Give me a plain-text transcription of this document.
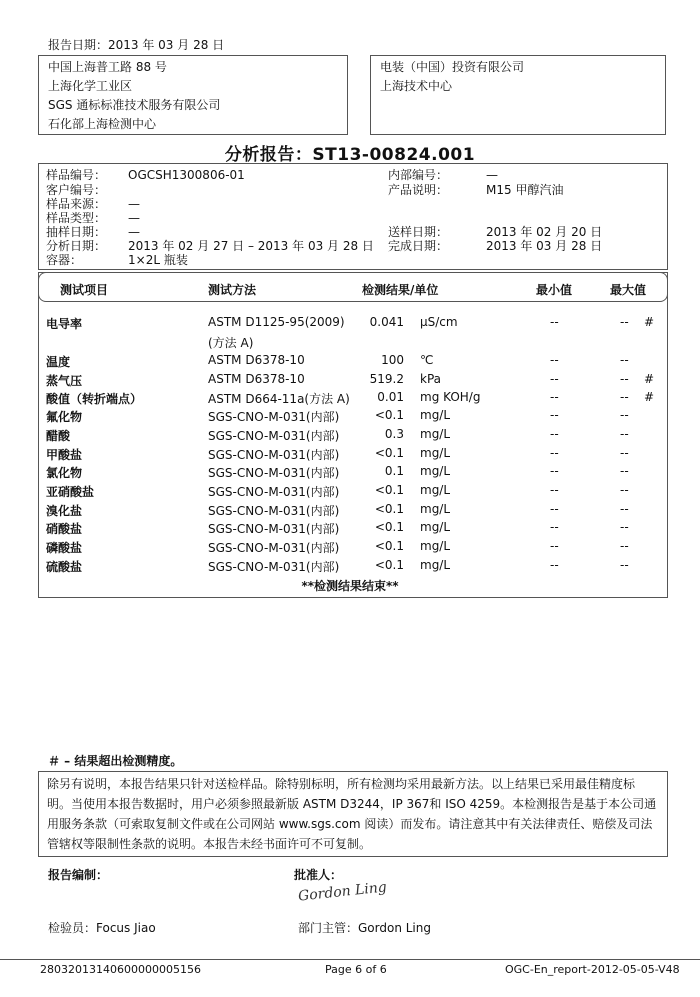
报告日期：2013 年 03 月 28 日
中国上海普工路 88 号
上海化学工业区
SGS 通标标准技术服务有限公司
石化部上海检测中心
电装（中国）投资有限公司
上海技术中心
分析报告：ST13-00824.001
样品编号： OGCSH1300806-01
客户编号：
样品来源： —
样品类型： —
抽样日期： —
分析日期： 2013 年 02 月 27 日 – 2013 年 03 月 28 日
容器：	1×2L 瓶装
内部编号：	—
产品说明：	M15 甲醇汽油
送样日期：	2013 年 02 月 20 日
完成日期：	2013 年 03 月 28 日
测试项目	测试方法	检测结果/单位	最小值	最大值
电导率	ASTM D1125-95(2009)	0.041 µS/cm	--	-- #
(方法 A)
温度	ASTM D6378-10	100 ℃	--	--
蒸气压	ASTM D6378-10	519.2 kPa	--	-- #
酸值（转折端点）	ASTM D664-11a(方法 A)	0.01 mg KOH/g	--	-- #
氟化物	SGS-CNO-M-031(内部)	<0.1 mg/L	--	--
醋酸	SGS-CNO-M-031(内部)	0.3 mg/L	--	--
甲酸盐	SGS-CNO-M-031(内部)	<0.1 mg/L	--	--
氯化物	SGS-CNO-M-031(内部)	0.1 mg/L	--	--
亚硝酸盐	SGS-CNO-M-031(内部)	<0.1 mg/L	--	--
溴化盐	SGS-CNO-M-031(内部)	<0.1 mg/L	--	--
硝酸盐	SGS-CNO-M-031(内部)	<0.1 mg/L	--	--
磷酸盐	SGS-CNO-M-031(内部)	<0.1 mg/L	--	--
硫酸盐	SGS-CNO-M-031(内部)	<0.1 mg/L	--	--
**检测结果结束**
＃ – 结果超出检测精度。
除另有说明，本报告结果只针对送检样品。除特别标明，所有检测均采用最新方法。以上结果已采用最佳精度标
明。当使用本报告数据时，用户必须参照最新版 ASTM D3244，IP 367和 ISO 4259。本检测报告是基于本公司通
用服务条款（可索取复制文件或在公司网站 www.sgs.com 阅读）而发布。请注意其中有关法律责任、赔偿及司法
管辖权等限制性条款的说明。本报告未经书面许可不可复制。
报告编制：	批准人：
Gordon Ling
检验员：Focus Jiao	部门主管：Gordon Ling
28032013140600000005156	Page 6 of 6	OGC-En_report-2012-05-05-V48
